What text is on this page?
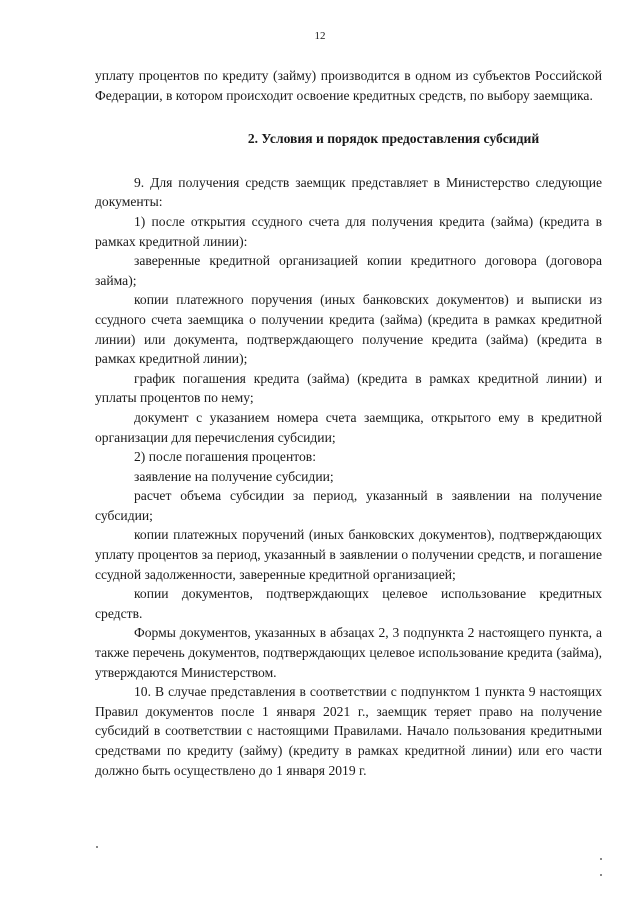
12

уплату процентов по кредиту (займу) производится в одном из субъектов Российской Федерации, в котором происходит освоение кредитных средств, по выбору заемщика.

2. Условия и порядок предоставления субсидий

9. Для получения средств заемщик представляет в Министерство следующие документы:

1) после открытия ссудного счета для получения кредита (займа) (кредита в рамках кредитной линии):

заверенные кредитной организацией копии кредитного договора (договора займа);

копии платежного поручения (иных банковских документов) и выписки из ссудного счета заемщика о получении кредита (займа) (кредита в рамках кредитной линии) или документа, подтверждающего получение кредита (займа) (кредита в рамках кредитной линии);

график погашения кредита (займа) (кредита в рамках кредитной линии) и уплаты процентов по нему;

документ с указанием номера счета заемщика, открытого ему в кредитной организации для перечисления субсидии;

2) после погашения процентов:

заявление на получение субсидии;

расчет объема субсидии за период, указанный в заявлении на получение субсидии;

копии платежных поручений (иных банковских документов), подтверждающих уплату процентов за период, указанный в заявлении о получении средств, и погашение ссудной задолженности, заверенные кредитной организацией;

копии документов, подтверждающих целевое использование кредитных средств.

Формы документов, указанных в абзацах 2, 3 подпункта 2 настоящего пункта, а также перечень документов, подтверждающих целевое использование кредита (займа), утверждаются Министерством.

10. В случае представления в соответствии с подпунктом 1 пункта 9 настоящих Правил документов после 1 января 2021 г., заемщик теряет право на получение субсидий в соответствии с настоящими Правилами. Начало пользования кредитными средствами по кредиту (займу) (кредиту в рамках кредитной линии) или его части должно быть осуществлено до 1 января 2019 г.
